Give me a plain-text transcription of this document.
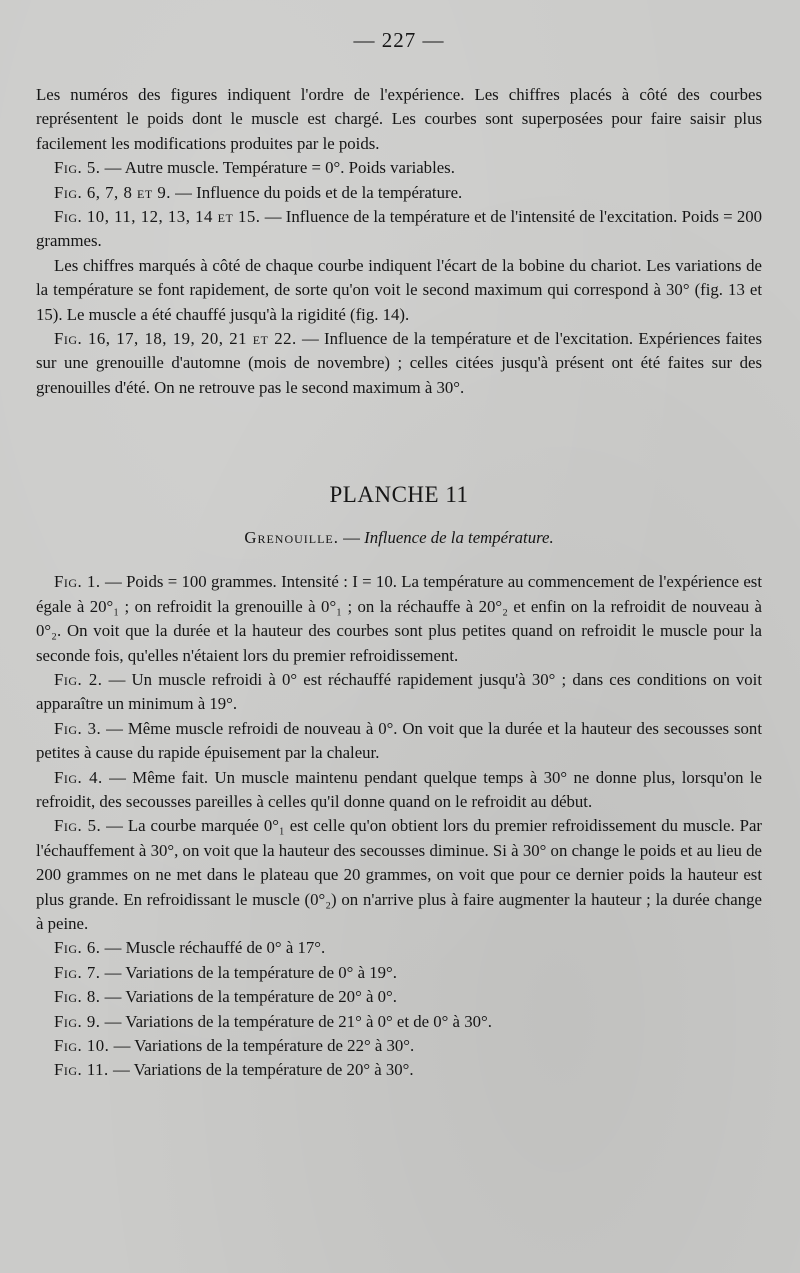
— 227 —

Les numéros des figures indiquent l'ordre de l'expérience. Les chiffres placés à côté des courbes représentent le poids dont le muscle est chargé. Les courbes sont superposées pour faire saisir plus facilement les modifications produites par le poids.

Fig. 5. — Autre muscle. Température = 0°. Poids variables.

Fig. 6, 7, 8 et 9. — Influence du poids et de la température.

Fig. 10, 11, 12, 13, 14 et 15. — Influence de la température et de l'intensité de l'excitation. Poids = 200 grammes.

Les chiffres marqués à côté de chaque courbe indiquent l'écart de la bobine du chariot. Les variations de la température se font rapidement, de sorte qu'on voit le second maximum qui correspond à 30° (fig. 13 et 15). Le muscle a été chauffé jusqu'à la rigidité (fig. 14).

Fig. 16, 17, 18, 19, 20, 21 et 22. — Influence de la température et de l'excitation. Expériences faites sur une grenouille d'automne (mois de novembre) ; celles citées jusqu'à présent ont été faites sur des grenouilles d'été. On ne retrouve pas le second maximum à 30°.

PLANCHE 11
Grenouille. — Influence de la température.

Fig. 1. — Poids = 100 grammes. Intensité : I = 10. La température au commencement de l'expérience est égale à 20°₁ ; on refroidit la grenouille à 0°₁ ; on la réchauffe à 20°₂ et enfin on la refroidit de nouveau à 0°₂. On voit que la durée et la hauteur des courbes sont plus petites quand on refroidit le muscle pour la seconde fois, qu'elles n'étaient lors du premier refroidissement.

Fig. 2. — Un muscle refroidi à 0° est réchauffé rapidement jusqu'à 30° ; dans ces conditions on voit apparaître un minimum à 19°.

Fig. 3. — Même muscle refroidi de nouveau à 0°. On voit que la durée et la hauteur des secousses sont petites à cause du rapide épuisement par la chaleur.

Fig. 4. — Même fait. Un muscle maintenu pendant quelque temps à 30° ne donne plus, lorsqu'on le refroidit, des secousses pareilles à celles qu'il donne quand on le refroidit au début.

Fig. 5. — La courbe marquée 0°₁ est celle qu'on obtient lors du premier refroidissement du muscle. Par l'échauffement à 30°, on voit que la hauteur des secousses diminue. Si à 30° on change le poids et au lieu de 200 grammes on ne met dans le plateau que 20 grammes, on voit que pour ce dernier poids la hauteur est plus grande. En refroidissant le muscle (0°₂) on n'arrive plus à faire augmenter la hauteur ; la durée change à peine.

Fig. 6. — Muscle réchauffé de 0° à 17°.

Fig. 7. — Variations de la température de 0° à 19°.

Fig. 8. — Variations de la température de 20° à 0°.

Fig. 9. — Variations de la température de 21° à 0° et de 0° à 30°.

Fig. 10. — Variations de la température de 22° à 30°.

Fig. 11. — Variations de la température de 20° à 30°.
